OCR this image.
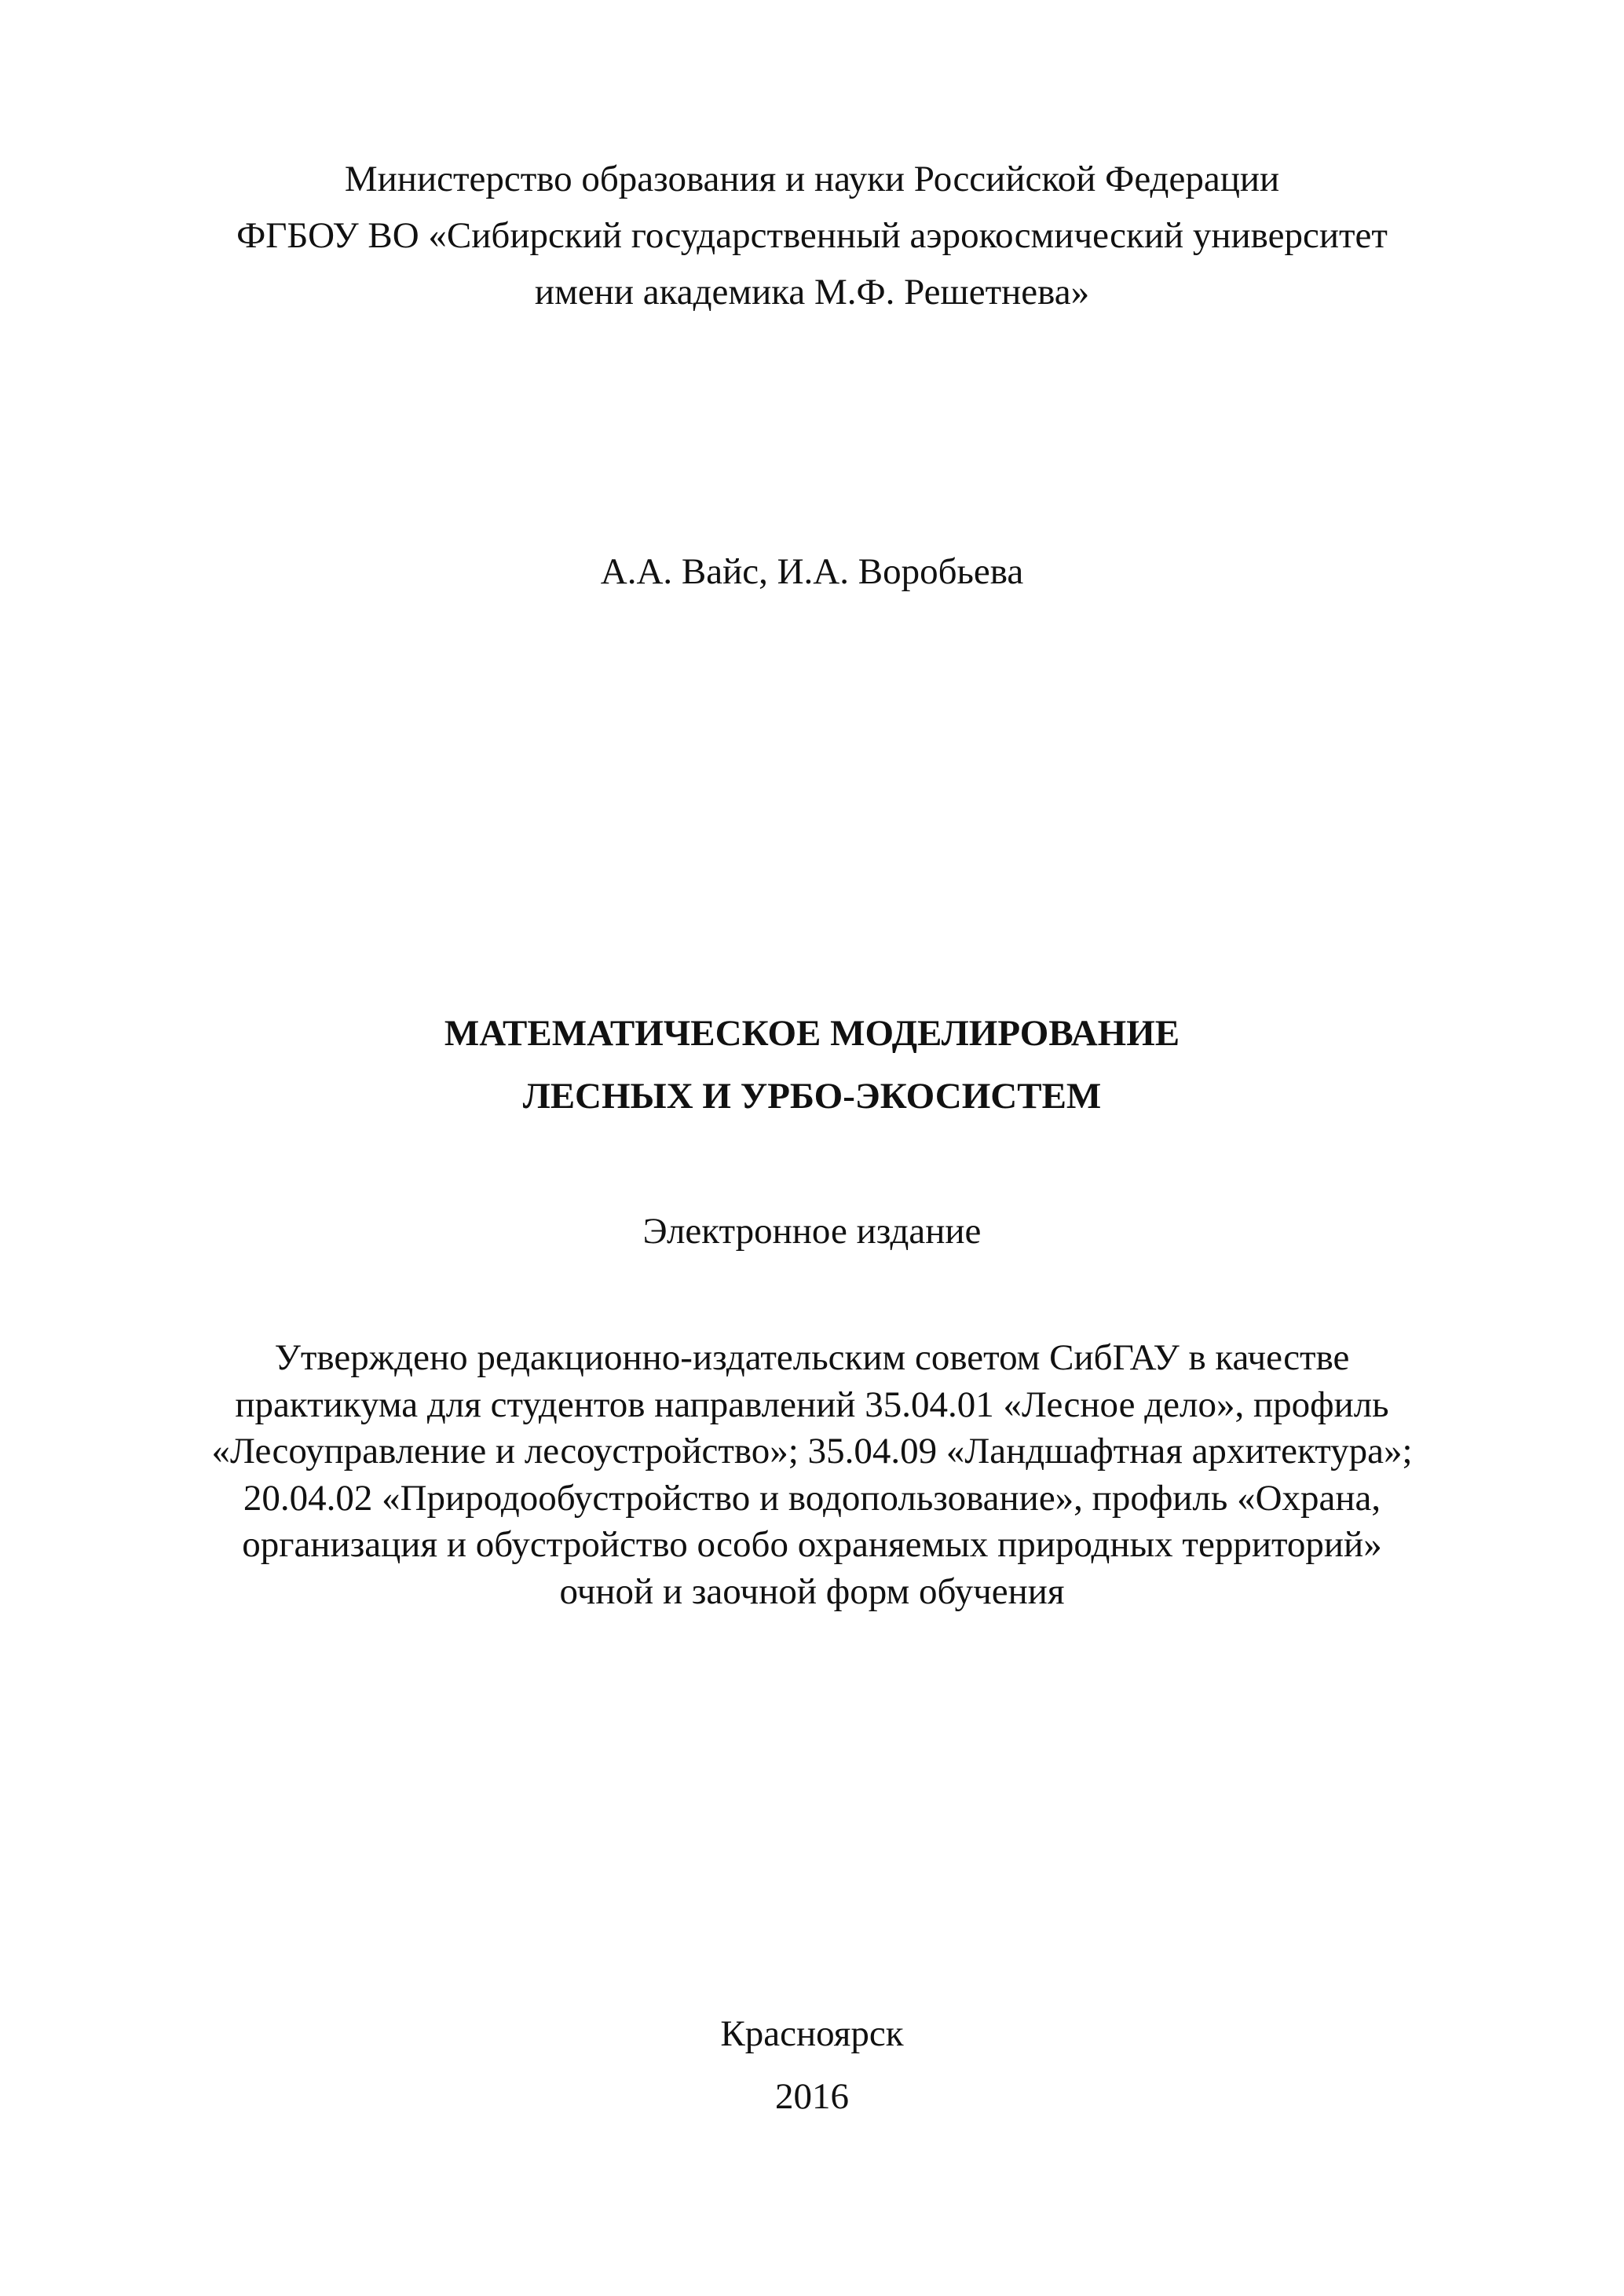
Министерство образования и науки Российской Федерации
ФГБОУ ВО «Сибирский государственный аэрокосмический университет
имени академика М.Ф. Решетнева»
А.А. Вайс, И.А. Воробьева
МАТЕМАТИЧЕСКОЕ МОДЕЛИРОВАНИЕ
ЛЕСНЫХ И УРБО-ЭКОСИСТЕМ
Электронное издание
Утверждено редакционно-издательским советом СибГАУ в качестве
практикума для студентов направлений 35.04.01 «Лесное дело», профиль
«Лесоуправление и лесоустройство»; 35.04.09 «Ландшафтная архитектура»;
20.04.02 «Природообустройство и водопользование», профиль «Охрана,
организация и обустройство особо охраняемых природных территорий»
очной и заочной форм обучения
Красноярск
2016
